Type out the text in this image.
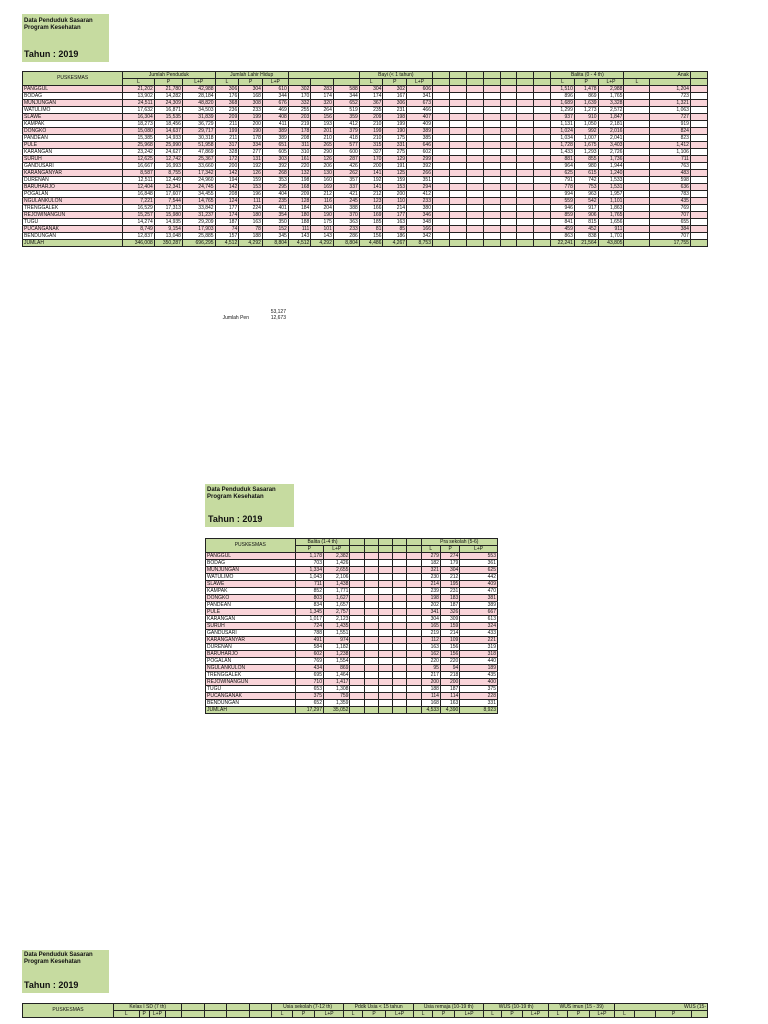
Data Penduduk Sasaran
Program Kesehatan
Tahun : 2019
PUSKESMAS	Jumlah Penduduk			Jumlah Lahir Hidup						Bayi (< 1 tahun)										Balita (0 - 4 th)			Anak		
	L	P	L+P	L	P	L+P				L	P	L+P								L	P	L+P	L		
PANGGUL	21,202	21,780	42,988	306	304	610	302	283	588	304	302	606								1,510	1,478	2,988		1,204	
BODAG	13,902	14,282	28,184	176	168	344	170	174	344	174	167	341								896	869	1,765		723	
MUNJUNGAN	24,511	24,309	48,820	368	308	676	332	320	652	367	306	673								1,689	1,639	3,328		1,321	
WATULIMO	17,632	16,871	34,503	236	233	469	255	264	519	235	231	466								1,299	1,273	2,572		1,063	
SLAWE	16,304	15,535	31,839	209	199	408	203	156	359	209	198	407								937	910	1,847		727	
KAMPAK	18,273	18,456	36,729	211	200	411	219	193	412	210	199	409								1,131	1,050	2,181		919	
DONGKO	15,080	14,637	29,717	199	190	389	178	201	379	199	190	389								1,024	992	2,016		824	
PANDEAN	15,385	14,933	30,318	211	178	389	208	210	418	210	175	385								1,034	1,007	2,041		823	
PULE	25,968	25,990	51,958	317	334	651	311	265	577	315	331	646								1,728	1,675	3,403		1,412	
KARANGAN	23,242	24,627	47,869	328	277	605	310	290	600	327	275	602								1,433	1,293	2,726		1,106	
SURUH	12,625	12,742	25,367	172	131	303	161	126	287	170	129	299								881	855	1,736		711	
GANDUSARI	16,667	16,993	33,660	200	192	392	220	206	426	200	191	392								964	980	1,944		763	
KARANGANYAR	8,587	8,755	17,342	142	126	268	132	130	262	141	125	266								625	615	1,240		483	
DURENAN	12,511	12,449	24,960	194	159	353	198	160	357	192	159	351								791	742	1,533		598	
BARUHARJO	12,404	12,341	24,745	142	153	295	168	169	337	141	153	294								778	753	1,531		636	
POGALAN	16,848	17,607	34,455	208	196	404	209	212	421	212	200	412								994	963	1,957		783	
NGULANKULON	7,221	7,544	14,765	124	111	235	128	116	245	123	110	233								559	542	1,101		435	
TRENGGALEK	16,529	17,313	33,842	177	224	401	184	204	388	166	214	380								946	917	1,863		769	
REJOWINANGUN	15,257	15,980	31,237	174	180	354	180	190	370	169	177	346								859	906	1,765		707	
TUGU	14,274	14,935	29,209	187	163	350	188	175	363	185	163	348								841	815	1,656		655	
PUCANGANAK	8,749	9,154	17,903	74	78	152	111	101	233	81	85	166								459	452	911		384	
BENDUNGAN	12,837	13,048	25,885	157	188	345	143	143	286	156	186	342								863	838	1,701		707	
JUMLAH	346,008	350,287	696,295	4,512	4,292	8,804	4,512	4,292	8,804	4,486	4,267	8,753								22,241	21,564	43,805		17,755	
53,127
12,673
Jumlah Pen
Data Penduduk Sasaran
Program Kesehatan
Tahun : 2019
PUSKESMAS	Balita (1-4 th)							Pra sekolah (5-6)		
	P	L+P						L	P	L+P
PANGGUL	1,178	2,382						279	274	553
BODAG	703	1,426						182	179	361
MUNJUNGAN	1,334	2,655						321	304	625
WATULIMO	1,043	2,106						230	212	442
SLAWE	711	1,438						214	195	409
KAMPAK	852	1,771						239	231	470
DONGKO	803	1,627						198	183	381
PANDEAN	834	1,657						202	187	389
PULE	1,345	2,757						341	326	667
KARANGAN	1,017	2,123						304	309	613
SURUH	724	1,435						165	159	324
GANDUSARI	788	1,551						219	214	433
KARANGANYAR	491	974						112	109	221
DURENAN	584	1,182						163	156	319
BARUHARJO	602	1,238						162	156	318
POGALAN	769	1,554						220	220	440
NGULANKULON	434	869						95	94	189
TRENGGALEK	695	1,464						217	218	435
REJOWINANGUN	710	1,417						200	200	400
TUGU	653	1,308						188	187	375
PUCANGANAK	375	759						114	114	228
BENDUNGAN	652	1,359						168	163	331
JUMLAH	17,297	35,052						4,533	4,390	8,923
Data Penduduk Sasaran
Program Kesehatan
Tahun : 2019
PUSKESMAS	Kelas I SD (7 th)								Usia sekolah (7-12 th)			Pddk Usia < 15 tahun			Usia remaja (10-19 th)			WUS (10-19 th)			WUS imun (15 - 39)			WUS (15-			
	L	P	L+P						L	P	L+P	L	P	L+P	L	P	L+P	L	P	L+P	L	P	L+P	L		P	
